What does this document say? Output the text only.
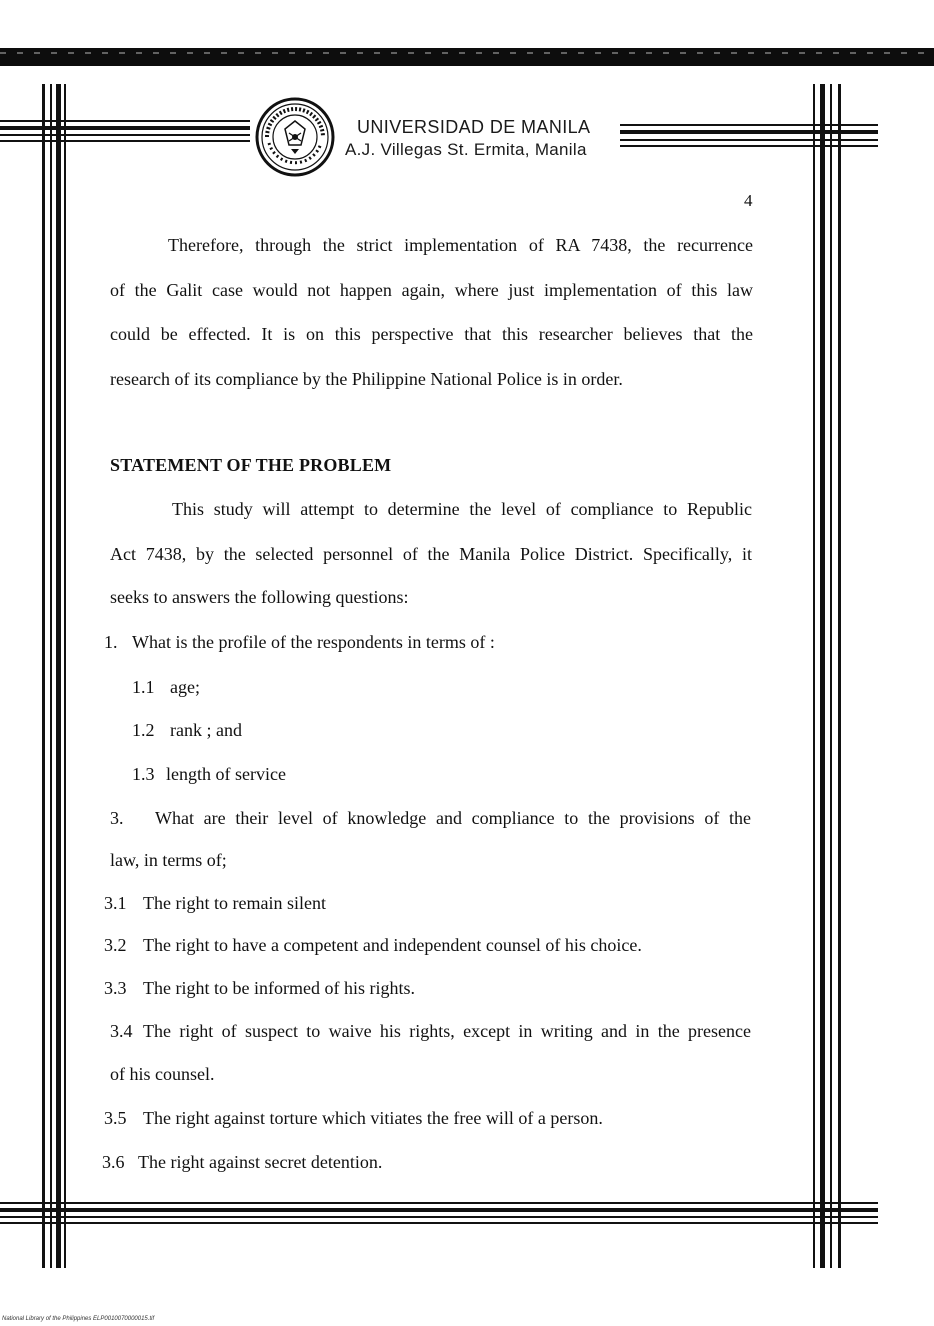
UNIVERSIDAD DE MANILA
A.J. Villegas St. Ermita, Manila
4
Therefore, through the strict implementation of RA 7438, the recurrence
of the Galit case would not happen again, where just implementation of this law
could be effected. It is on this perspective that this researcher believes that the
research of its compliance by the Philippine National Police is in order.
STATEMENT OF THE PROBLEM
This study will attempt to determine the level of compliance to Republic
Act 7438, by the selected personnel of the Manila Police District. Specifically, it
seeks to answers the following questions:
1. What is the profile of the respondents in terms of :
1.1 age;
1.2 rank ; and
1.3 length of service
3. What are their level of knowledge and compliance to the provisions of the
law, in terms of;
3.1 The right to remain silent
3.2 The right to have a competent and independent counsel of his choice.
3.3 The right to be informed of his rights.
3.4 The right of suspect to waive his rights, except in writing and in the presence
of his counsel.
3.5 The right against torture which vitiates the free will of a person.
3.6 The right against secret detention.
National Library of the Philippines ELP0010070000015.tif
